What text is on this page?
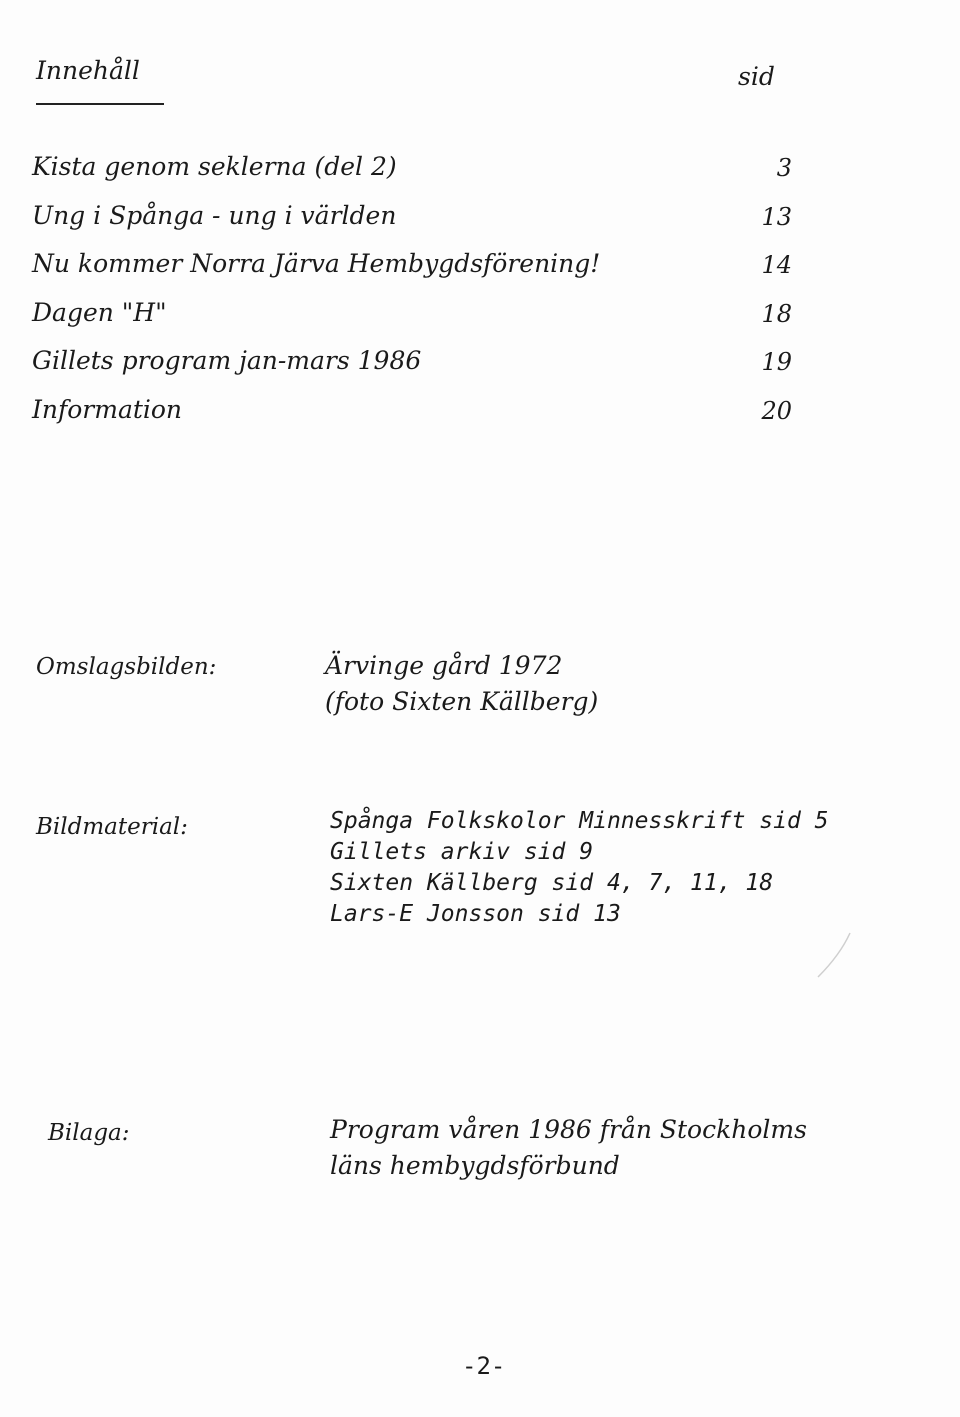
Innehåll	sid
Kista genom seklerna (del 2)	3
Ung i Spånga - ung i världen	13
Nu kommer Norra Järva Hembygdsförening!	14
Dagen "H"	18
Gillets program jan-mars 1986	19
Information	20
Omslagsbilden:	Ärvinge gård 1972
(foto Sixten Källberg)
Bildmaterial:	Spånga Folkskolor Minnesskrift sid 5
Gillets arkiv sid 9
Sixten Källberg sid 4, 7, 11, 18
Lars-E Jonsson sid 13
Bilaga:	Program våren 1986 från Stockholms
läns hembygdsförbund
-2-
